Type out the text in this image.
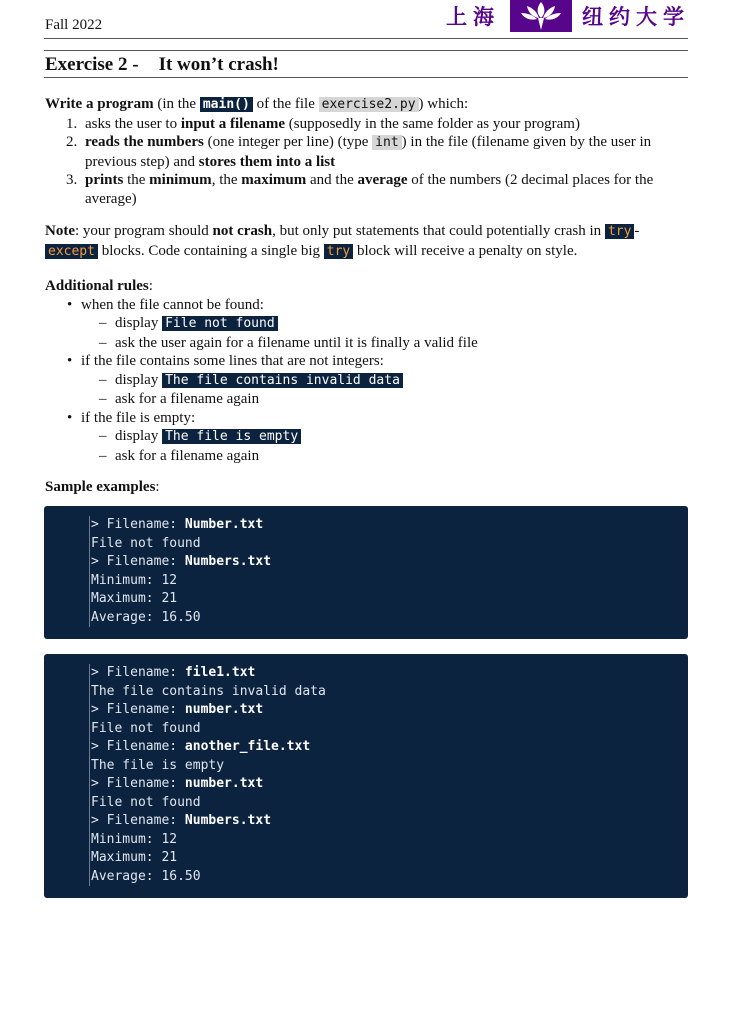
Fall 2022	上海	纽约大学
Exercise 2 - It won’t crash!
Write a program (in the main() of the file exercise2.py ) which:
1. asks the user to input a filename (supposedly in the same folder as your program)
2. reads the numbers (one integer per line) (type int ) in the file (filename given by the user in previous step) and stores them into a list
3. prints the minimum, the maximum and the average of the numbers (2 decimal places for the average)
Note: your program should not crash, but only put statements that could potentially crash in try -except blocks. Code containing a single big try block will receive a penalty on style.
Additional rules:
• when the file cannot be found:
– display File not found
– ask the user again for a filename until it is finally a valid file
• if the file contains some lines that are not integers:
– display The file contains invalid data
– ask for a filename again
• if the file is empty:
– display The file is empty
– ask for a filename again
Sample examples:
> Filename: Number.txt
File not found
> Filename: Numbers.txt
Minimum: 12
Maximum: 21
Average: 16.50
> Filename: file1.txt
The file contains invalid data
> Filename: number.txt
File not found
> Filename: another_file.txt
The file is empty
> Filename: number.txt
File not found
> Filename: Numbers.txt
Minimum: 12
Maximum: 21
Average: 16.50
